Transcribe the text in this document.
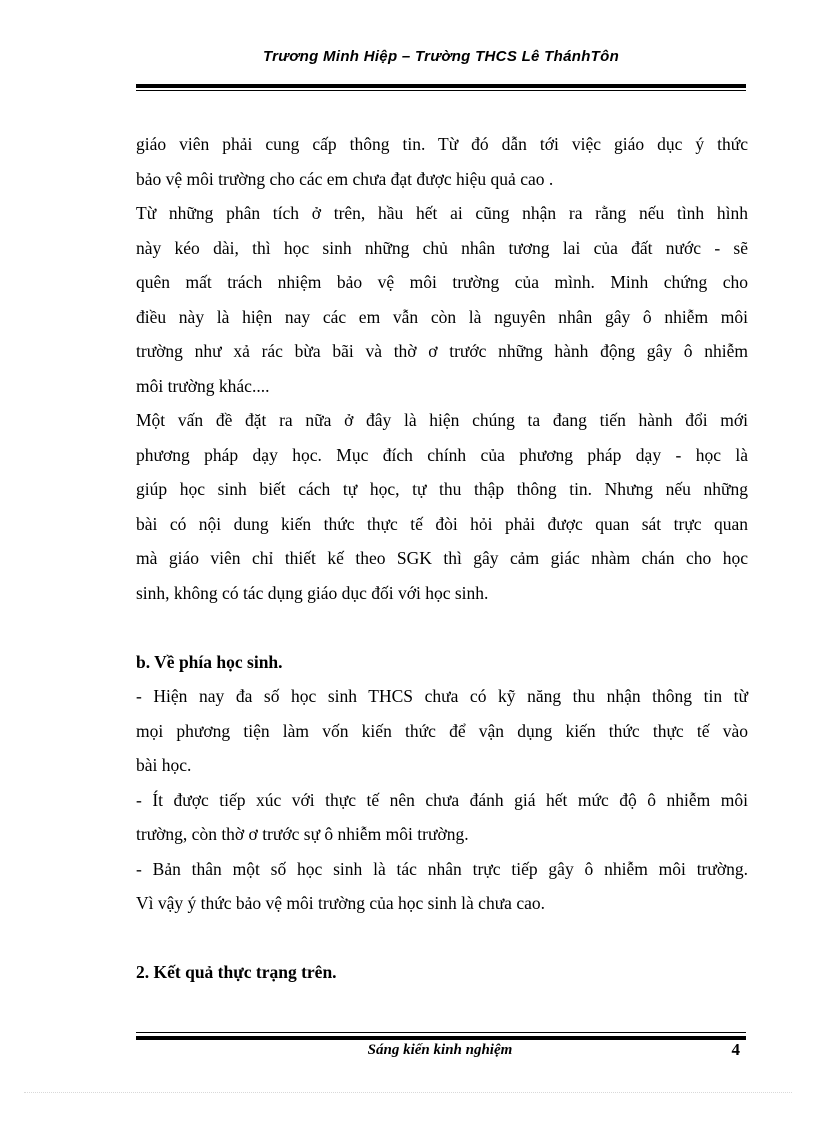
Trương Minh Hiệp – Trường THCS Lê ThánhTôn
giáo viên phải cung cấp thông tin. Từ đó dẫn tới việc giáo dục ý thức
bảo vệ môi trường cho các em chưa đạt được hiệu quả cao .
Từ những phân tích ở trên, hầu hết ai cũng nhận ra rằng nếu tình hình
này kéo dài, thì học sinh những chủ nhân tương lai của đất nước - sẽ
quên mất trách nhiệm bảo vệ môi trường của mình. Minh chứng cho
điều này là hiện nay các em vẫn còn là nguyên nhân gây ô nhiễm môi
trường như xả rác bừa bãi và thờ ơ trước những hành động gây ô nhiễm
môi trường khác....
Một vấn đề đặt ra nữa ở đây là hiện chúng ta đang tiến hành đổi mới
phương pháp dạy học. Mục đích chính của phương pháp dạy - học là
giúp học sinh biết cách tự học, tự thu thập thông tin. Nhưng nếu những
bài có nội dung kiến thức thực tế đòi hỏi phải được quan sát trực quan
mà giáo viên chỉ thiết kế theo SGK thì gây cảm giác nhàm chán cho học
sinh, không có tác dụng giáo dục đối với học sinh.
b. Về phía học sinh.
- Hiện nay đa số học sinh THCS chưa có kỹ năng thu nhận thông tin từ
mọi phương tiện làm vốn kiến thức để vận dụng kiến thức thực tế vào
bài học.
- Ít được tiếp xúc với thực tế nên chưa đánh giá hết mức độ ô nhiễm môi
trường, còn thờ ơ trước sự ô nhiễm môi trường.
- Bản thân một số học sinh là tác nhân trực tiếp gây ô nhiễm môi trường.
Vì vậy ý thức bảo vệ môi trường của học sinh là chưa cao.
2. Kết quả thực trạng trên.
Sáng kiến kinh nghiệm	4
